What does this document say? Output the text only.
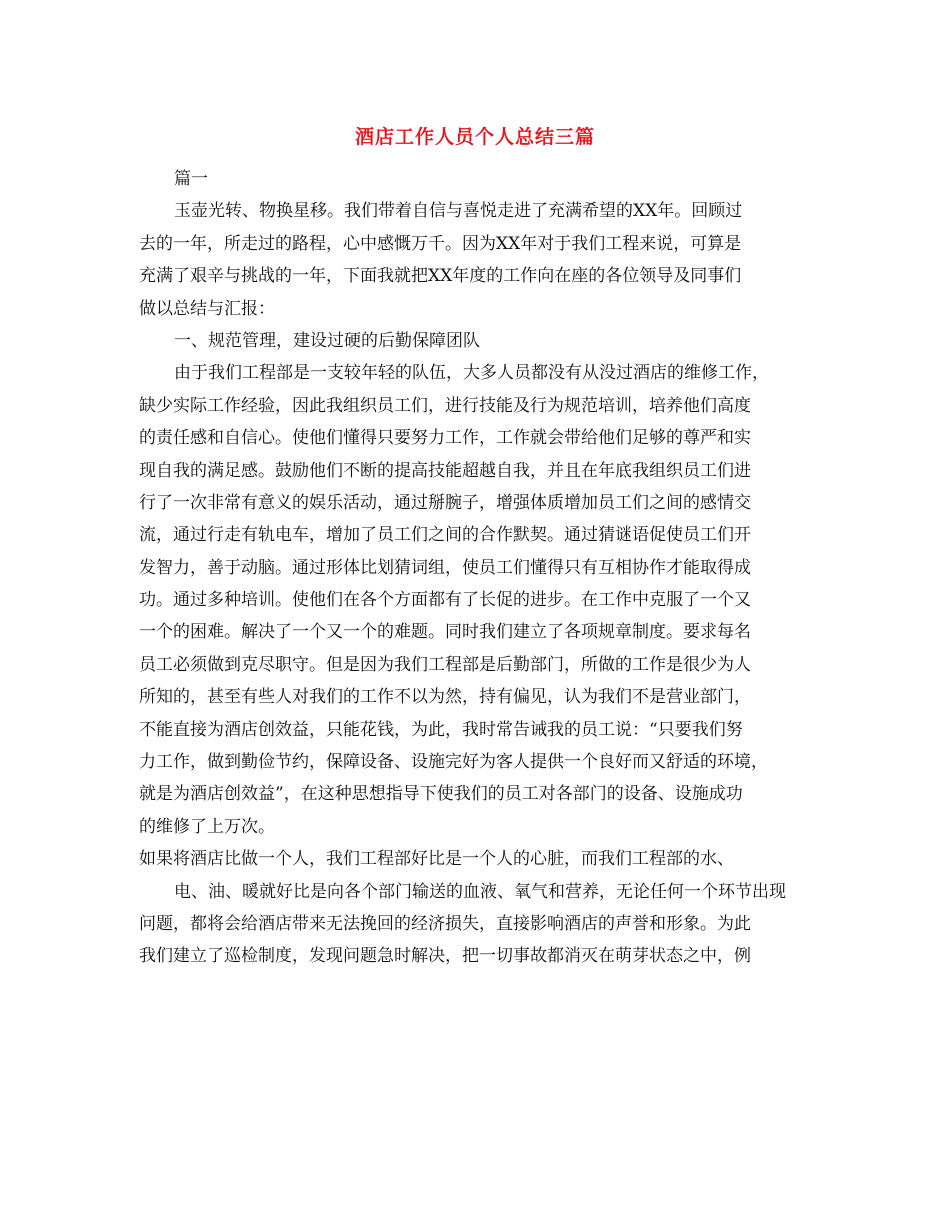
酒店工作人员个人总结三篇
篇一
玉壶光转、物换星移。我们带着自信与喜悦走进了充满希望的XX年。回顾过
去的一年，所走过的路程，心中感慨万千。因为XX年对于我们工程来说，可算是
充满了艰辛与挑战的一年，下面我就把XX年度的工作向在座的各位领导及同事们
做以总结与汇报：
一、规范管理，建设过硬的后勤保障团队
由于我们工程部是一支较年轻的队伍，大多人员都没有从没过酒店的维修工作，
缺少实际工作经验，因此我组织员工们，进行技能及行为规范培训，培养他们高度
的责任感和自信心。使他们懂得只要努力工作，工作就会带给他们足够的尊严和实
现自我的满足感。鼓励他们不断的提高技能超越自我，并且在年底我组织员工们进
行了一次非常有意义的娱乐活动，通过掰腕子，增强体质增加员工们之间的感情交
流，通过行走有轨电车，增加了员工们之间的合作默契。通过猜谜语促使员工们开
发智力，善于动脑。通过形体比划猜词组，使员工们懂得只有互相协作才能取得成
功。通过多种培训。使他们在各个方面都有了长促的进步。在工作中克服了一个又
一个的困难。解决了一个又一个的难题。同时我们建立了各项规章制度。要求每名
员工必须做到克尽职守。但是因为我们工程部是后勤部门，所做的工作是很少为人
所知的，甚至有些人对我们的工作不以为然，持有偏见，认为我们不是营业部门，
不能直接为酒店创效益，只能花钱，为此，我时常告诫我的员工说：“只要我们努
力工作，做到勤俭节约，保障设备、设施完好为客人提供一个良好而又舒适的环境，
就是为酒店创效益”，在这种思想指导下使我们的员工对各部门的设备、设施成功
的维修了上万次。
如果将酒店比做一个人，我们工程部好比是一个人的心脏，而我们工程部的水、
电、油、暖就好比是向各个部门输送的血液、氧气和营养，无论任何一个环节出现
问题，都将会给酒店带来无法挽回的经济损失，直接影响酒店的声誉和形象。为此
我们建立了巡检制度，发现问题急时解决，把一切事故都消灭在萌芽状态之中，例
